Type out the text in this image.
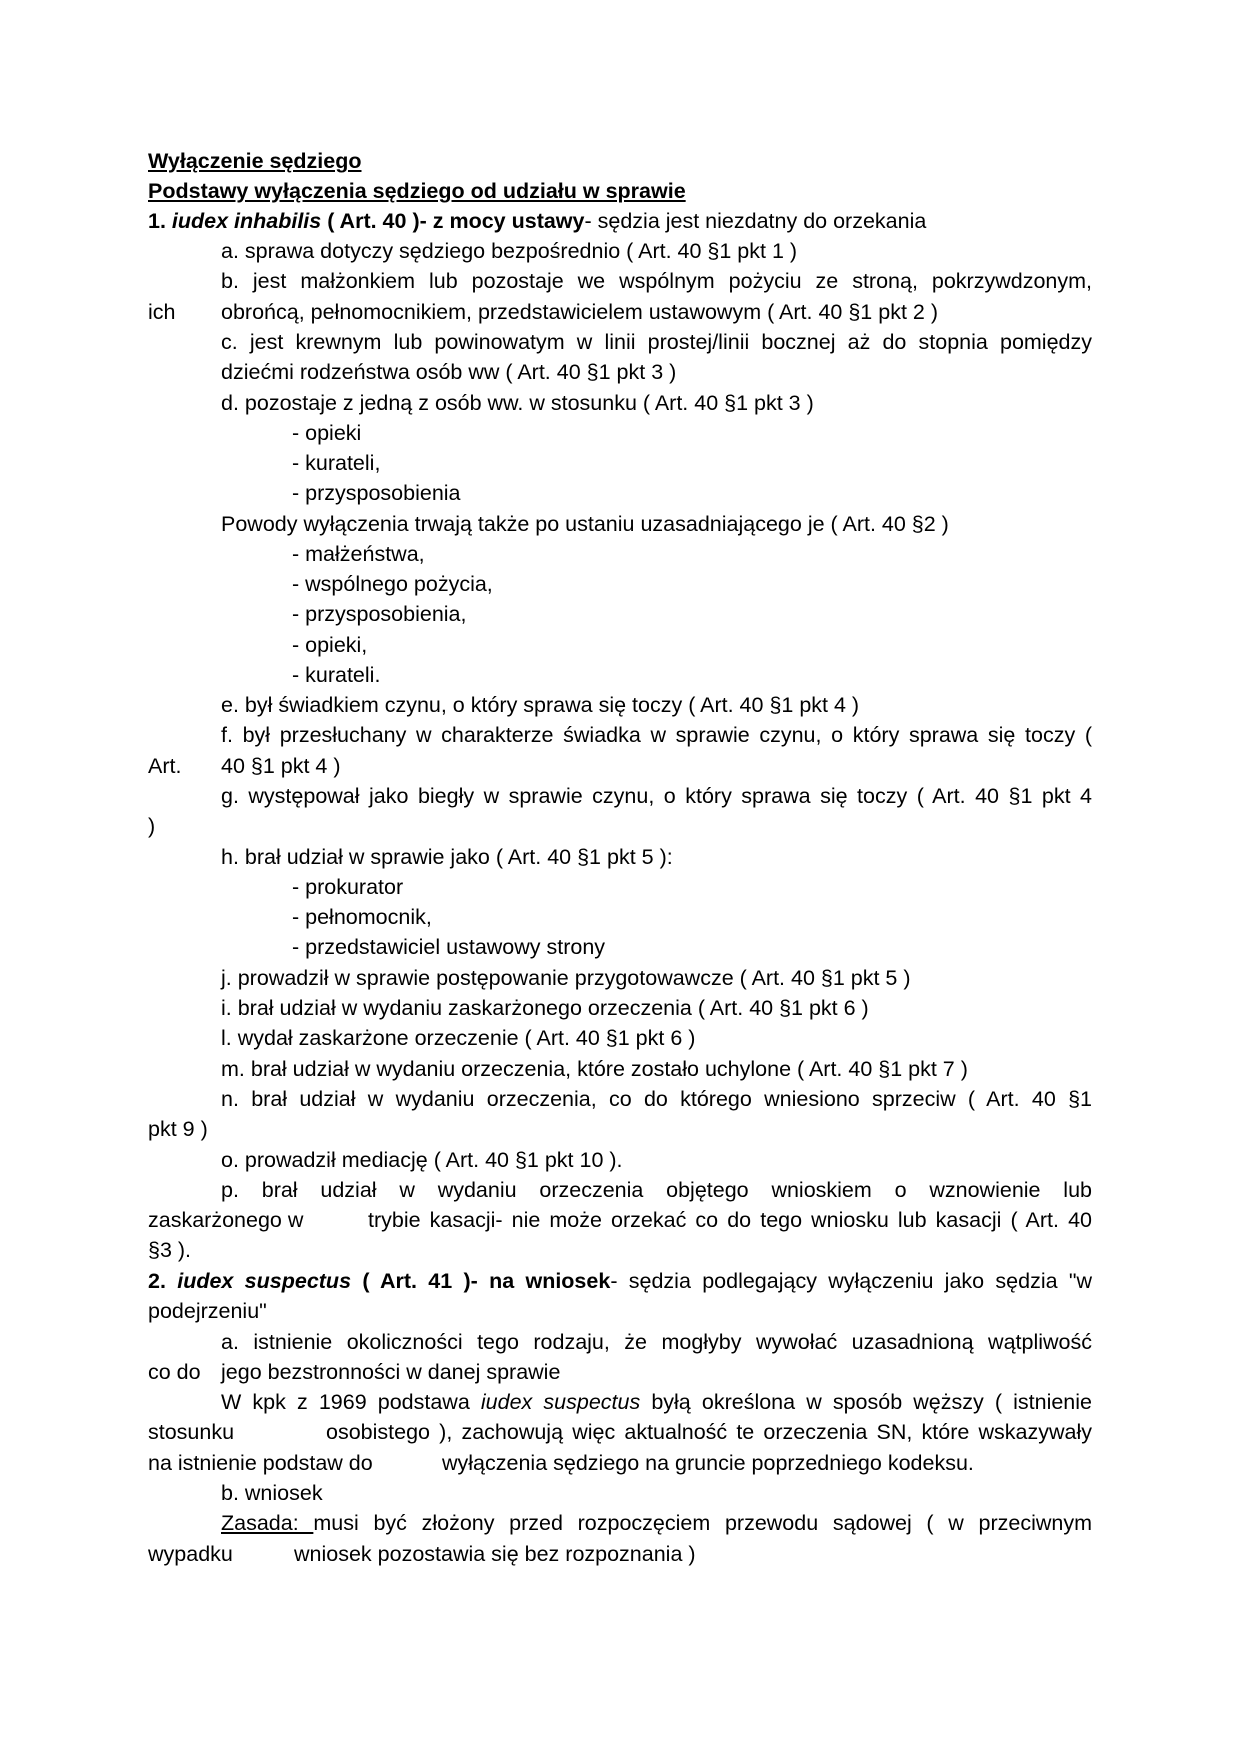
Wyłączenie sędziego
Podstawy wyłączenia sędziego od udziału w sprawie
1. iudex inhabilis ( Art. 40 )- z mocy ustawy- sędzia jest niezdatny do orzekania
a. sprawa dotyczy sędziego bezpośrednio ( Art. 40 §1 pkt 1 )
b. jest małżonkiem lub pozostaje we wspólnym pożyciu ze stroną, pokrzywdzonym,
ich obrońcą, pełnomocnikiem, przedstawicielem ustawowym ( Art. 40 §1 pkt 2 )
c. jest krewnym lub powinowatym w linii prostej/linii bocznej aż do stopnia pomiędzy
dziećmi rodzeństwa osób ww ( Art. 40 §1 pkt 3 )
d. pozostaje z jedną z osób ww. w stosunku ( Art. 40 §1 pkt 3 )
- opieki
- kurateli,
- przysposobienia
Powody wyłączenia trwają także po ustaniu uzasadniającego je ( Art. 40 §2 )
- małżeństwa,
- wspólnego pożycia,
- przysposobienia,
- opieki,
- kurateli.
e. był świadkiem czynu, o który sprawa się toczy ( Art. 40 §1 pkt 4 )
f. był przesłuchany w charakterze świadka w sprawie czynu, o który sprawa się toczy (
Art. 40 §1 pkt 4 )
g. występował jako biegły w sprawie czynu, o który sprawa się toczy ( Art. 40 §1 pkt 4
)
h. brał udział w sprawie jako ( Art. 40 §1 pkt 5 ):
- prokurator
- pełnomocnik,
- przedstawiciel ustawowy strony
j. prowadził w sprawie postępowanie przygotowawcze ( Art. 40 §1 pkt 5 )
i. brał udział w wydaniu zaskarżonego orzeczenia ( Art. 40 §1 pkt 6 )
l. wydał zaskarżone orzeczenie ( Art. 40 §1 pkt 6 )
m. brał udział w wydaniu orzeczenia, które zostało uchylone ( Art. 40 §1 pkt 7 )
n. brał udział w wydaniu orzeczenia, co do którego wniesiono sprzeciw ( Art. 40 §1
pkt 9 )
o. prowadził mediację ( Art. 40 §1 pkt 10 ).
p. brał udział w wydaniu orzeczenia objętego wnioskiem o wznowienie lub
zaskarżonego w	trybie kasacji- nie może orzekać co do tego wniosku lub kasacji ( Art. 40
§3 ).
2. iudex suspectus ( Art. 41 )- na wniosek- sędzia podlegający wyłączeniu jako sędzia "w
podejrzeniu"
a. istnienie okoliczności tego rodzaju, że mogłyby wywołać uzasadnioną wątpliwość
co do jego bezstronności w danej sprawie
W kpk z 1969 podstawa iudex suspectus byłą określona w sposób węższy ( istnienie
stosunku	osobistego ), zachowują więc aktualność te orzeczenia SN, które wskazywały
na istnienie podstaw do	wyłączenia sędziego na gruncie poprzedniego kodeksu.
b. wniosek
Zasada: musi być złożony przed rozpoczęciem przewodu sądowej ( w przeciwnym
wypadku	wniosek pozostawia się bez rozpoznania )
